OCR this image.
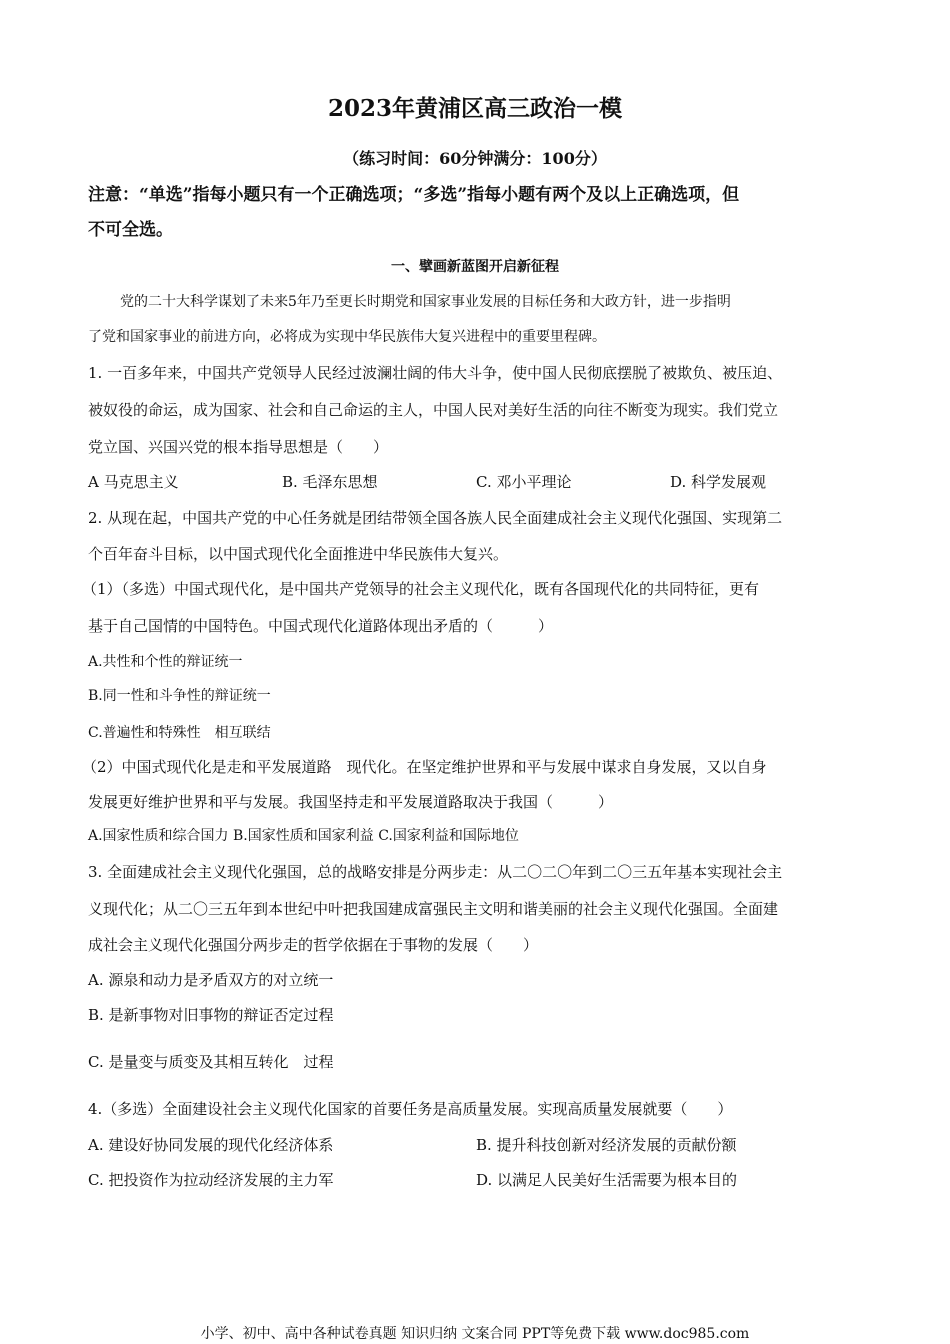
2023年黄浦区高三政治一模
（练习时间：60分钟满分：100分）
注意：“单选”指每小题只有一个正确选项；“多选”指每小题有两个及以上正确选项，但
不可全选。
一、擘画新蓝图开启新征程
党的二十大科学谋划了未来5年乃至更长时期党和国家事业发展的目标任务和大政方针，进一步指明
了党和国家事业的前进方向，必将成为实现中华民族伟大复兴进程中的重要里程碑。
1. 一百多年来，中国共产党领导人民经过波澜壮阔的伟大斗争，使中国人民彻底摆脱了被欺负、被压迫、
被奴役的命运，成为国家、社会和自己命运的主人，中国人民对美好生活的向往不断变为现实。我们党立
党立国、兴国兴党的根本指导思想是（　　）
A 马克思主义	B. 毛泽东思想	C. 邓小平理论	D. 科学发展观
2. 从现在起，中国共产党的中心任务就是团结带领全国各族人民全面建成社会主义现代化强国、实现第二
个百年奋斗目标，以中国式现代化全面推进中华民族伟大复兴。
（1）（多选）中国式现代化，是中国共产党领导的社会主义现代化，既有各国现代化的共同特征，更有
基于自己国情的中国特色。中国式现代化道路体现出矛盾的（　　　）
A.共性和个性的辩证统一
B.同一性和斗争性的辩证统一
C.普遍性和特殊性　相互联结
（2）中国式现代化是走和平发展道路　现代化。在坚定维护世界和平与发展中谋求自身发展，又以自身
发展更好维护世界和平与发展。我国坚持走和平发展道路取决于我国（　　　）
A.国家性质和综合国力 B.国家性质和国家利益 C.国家利益和国际地位
3. 全面建成社会主义现代化强国，总的战略安排是分两步走：从二〇二〇年到二〇三五年基本实现社会主
义现代化；从二〇三五年到本世纪中叶把我国建成富强民主文明和谐美丽的社会主义现代化强国。全面建
成社会主义现代化强国分两步走的哲学依据在于事物的发展（　　）
A. 源泉和动力是矛盾双方的对立统一
B. 是新事物对旧事物的辩证否定过程
C. 是量变与质变及其相互转化　过程
4.（多选）全面建设社会主义现代化国家的首要任务是高质量发展。实现高质量发展就要（　　）
A. 建设好协同发展的现代化经济体系	B. 提升科技创新对经济发展的贡献份额
C. 把投资作为拉动经济发展的主力军	D. 以满足人民美好生活需要为根本目的
小学、初中、高中各种试卷真题 知识归纳 文案合同 PPT等免费下载 www.doc985.com
